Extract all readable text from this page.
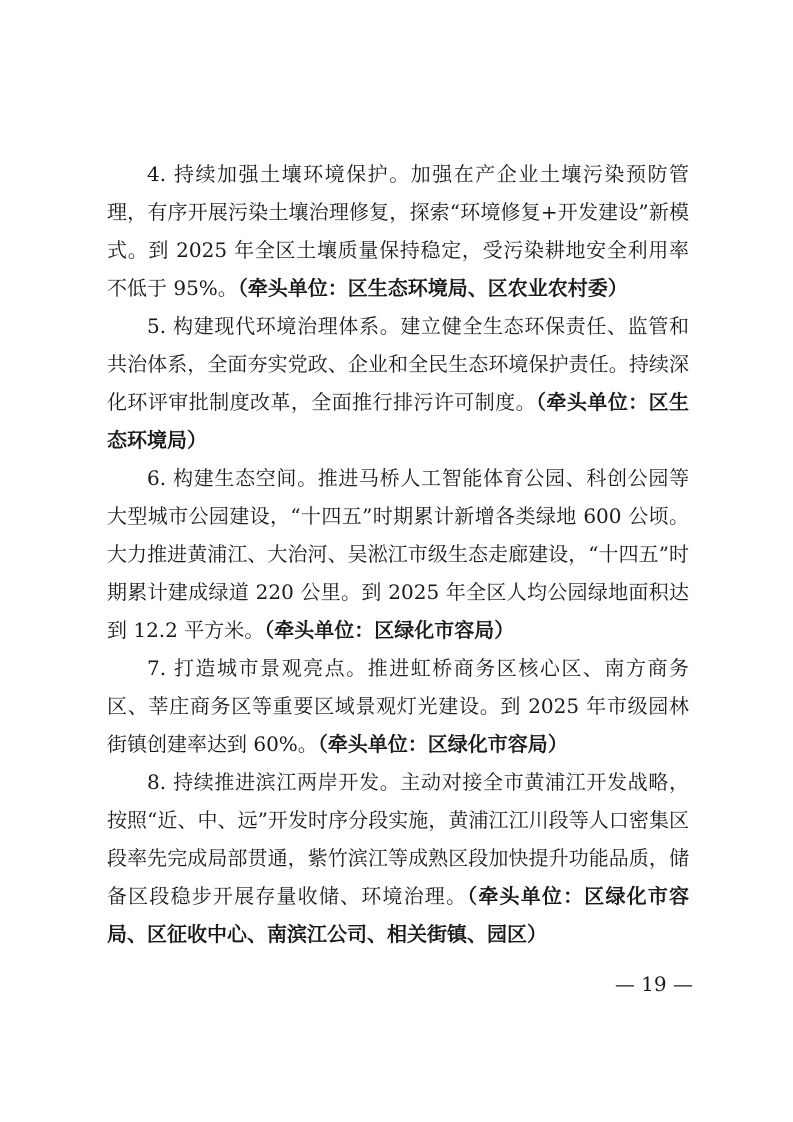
4. 持续加强土壤环境保护。加强在产企业土壤污染预防管理，有序开展污染土壤治理修复，探索“环境修复+开发建设”新模式。到 2025 年全区土壤质量保持稳定，受污染耕地安全利用率不低于 95%。（牵头单位：区生态环境局、区农业农村委）

5. 构建现代环境治理体系。建立健全生态环保责任、监管和共治体系，全面夯实党政、企业和全民生态环境保护责任。持续深化环评审批制度改革，全面推行排污许可制度。（牵头单位：区生态环境局）

6. 构建生态空间。推进马桥人工智能体育公园、科创公园等大型城市公园建设，“十四五”时期累计新增各类绿地 600 公顷。大力推进黄浦江、大治河、吴淞江市级生态走廊建设，“十四五”时期累计建成绿道 220 公里。到 2025 年全区人均公园绿地面积达到 12.2 平方米。（牵头单位：区绿化市容局）

7. 打造城市景观亮点。推进虹桥商务区核心区、南方商务区、莘庄商务区等重要区域景观灯光建设。到 2025 年市级园林街镇创建率达到 60%。（牵头单位：区绿化市容局）

8. 持续推进滨江两岸开发。主动对接全市黄浦江开发战略，按照“近、中、远”开发时序分段实施，黄浦江江川段等人口密集区段率先完成局部贯通，紫竹滨江等成熟区段加快提升功能品质，储备区段稳步开展存量收储、环境治理。（牵头单位：区绿化市容局、区征收中心、南滨江公司、相关街镇、园区）

— 19 —
